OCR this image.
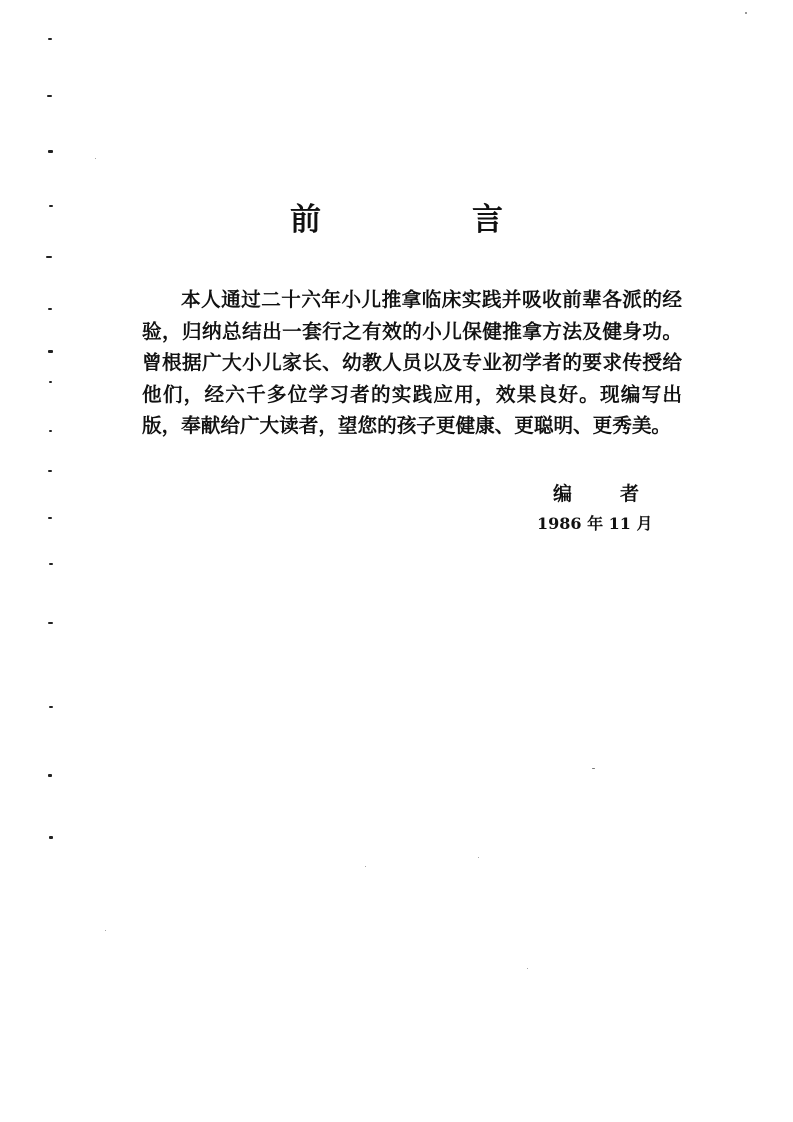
前　言

本人通过二十六年小儿推拿临床实践并吸收前辈各派的经验，归纳总结出一套行之有效的小儿保健推拿方法及健身功。曾根据广大小儿家长、幼教人员以及专业初学者的要求传授给他们，经六千多位学习者的实践应用，效果良好。现编写出版，奉献给广大读者，望您的孩子更健康、更聪明、更秀美。

编者
1986 年 11 月
